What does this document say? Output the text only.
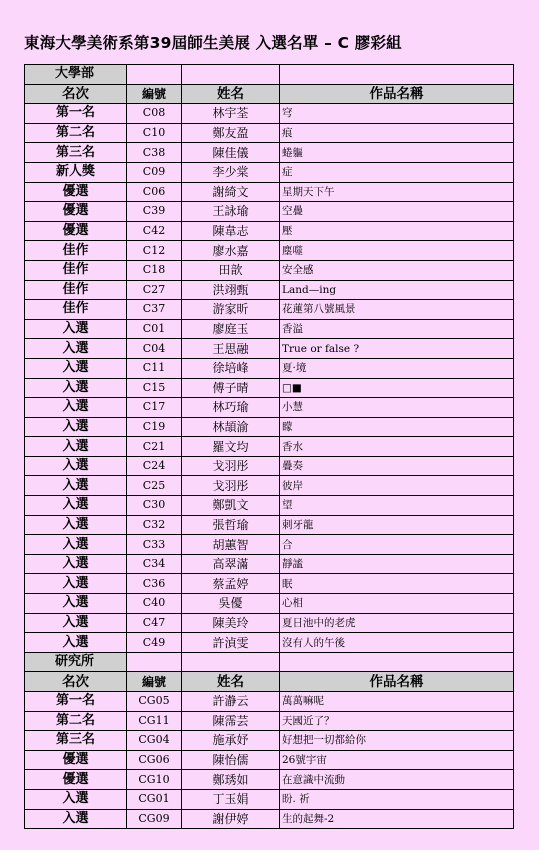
東海大學美術系第39屆師生美展 入選名單 – C 膠彩組
大學部			
名次	編號	姓名	作品名稱
第一名	C08	林宇荃	穹
第二名	C10	鄭友盈	痕
第三名	C38	陳佳儀	蜷軀
新人獎	C09	李少棠	症
優選	C06	謝綺文	星期天下午
優選	C39	王詠瑜	空疊
優選	C42	陳韋志	壓
佳作	C12	廖水嘉	塵噬
佳作	C18	田歆	安全感
佳作	C27	洪翊甄	Land—ing
佳作	C37	游家昕	花蓮第八號風景
入選	C01	廖庭玉	香溢
入選	C04	王思融	True or false ?
入選	C11	徐培峰	夏·境
入選	C15	傅子晴	□■
入選	C17	林巧瑜	小慧
入選	C19	林頡渝	矇
入選	C21	羅文均	香水
入選	C24	戈羽彤	疊奏
入選	C25	戈羽彤	彼岸
入選	C30	鄭凱文	望
入選	C32	張哲瑜	刺牙龍
入選	C33	胡蕙智	合
入選	C34	高翠滿	靜謐
入選	C36	蔡孟婷	眠
入選	C40	吳優	心相
入選	C47	陳美玲	夏日池中的老虎
入選	C49	許湞雯	沒有人的午後
研究所			
名次	編號	姓名	作品名稱
第一名	CG05	許瀞云	萬萬嘛呢
第二名	CG11	陳霈芸	天國近了？
第三名	CG04	施承妤	好想把一切都給你
優選	CG06	陳怡儒	26號宇宙
優選	CG10	鄭琇如	在意識中流動
入選	CG01	丁玉娟	盼. 祈
入選	CG09	謝伊婷	生的起舞-2
